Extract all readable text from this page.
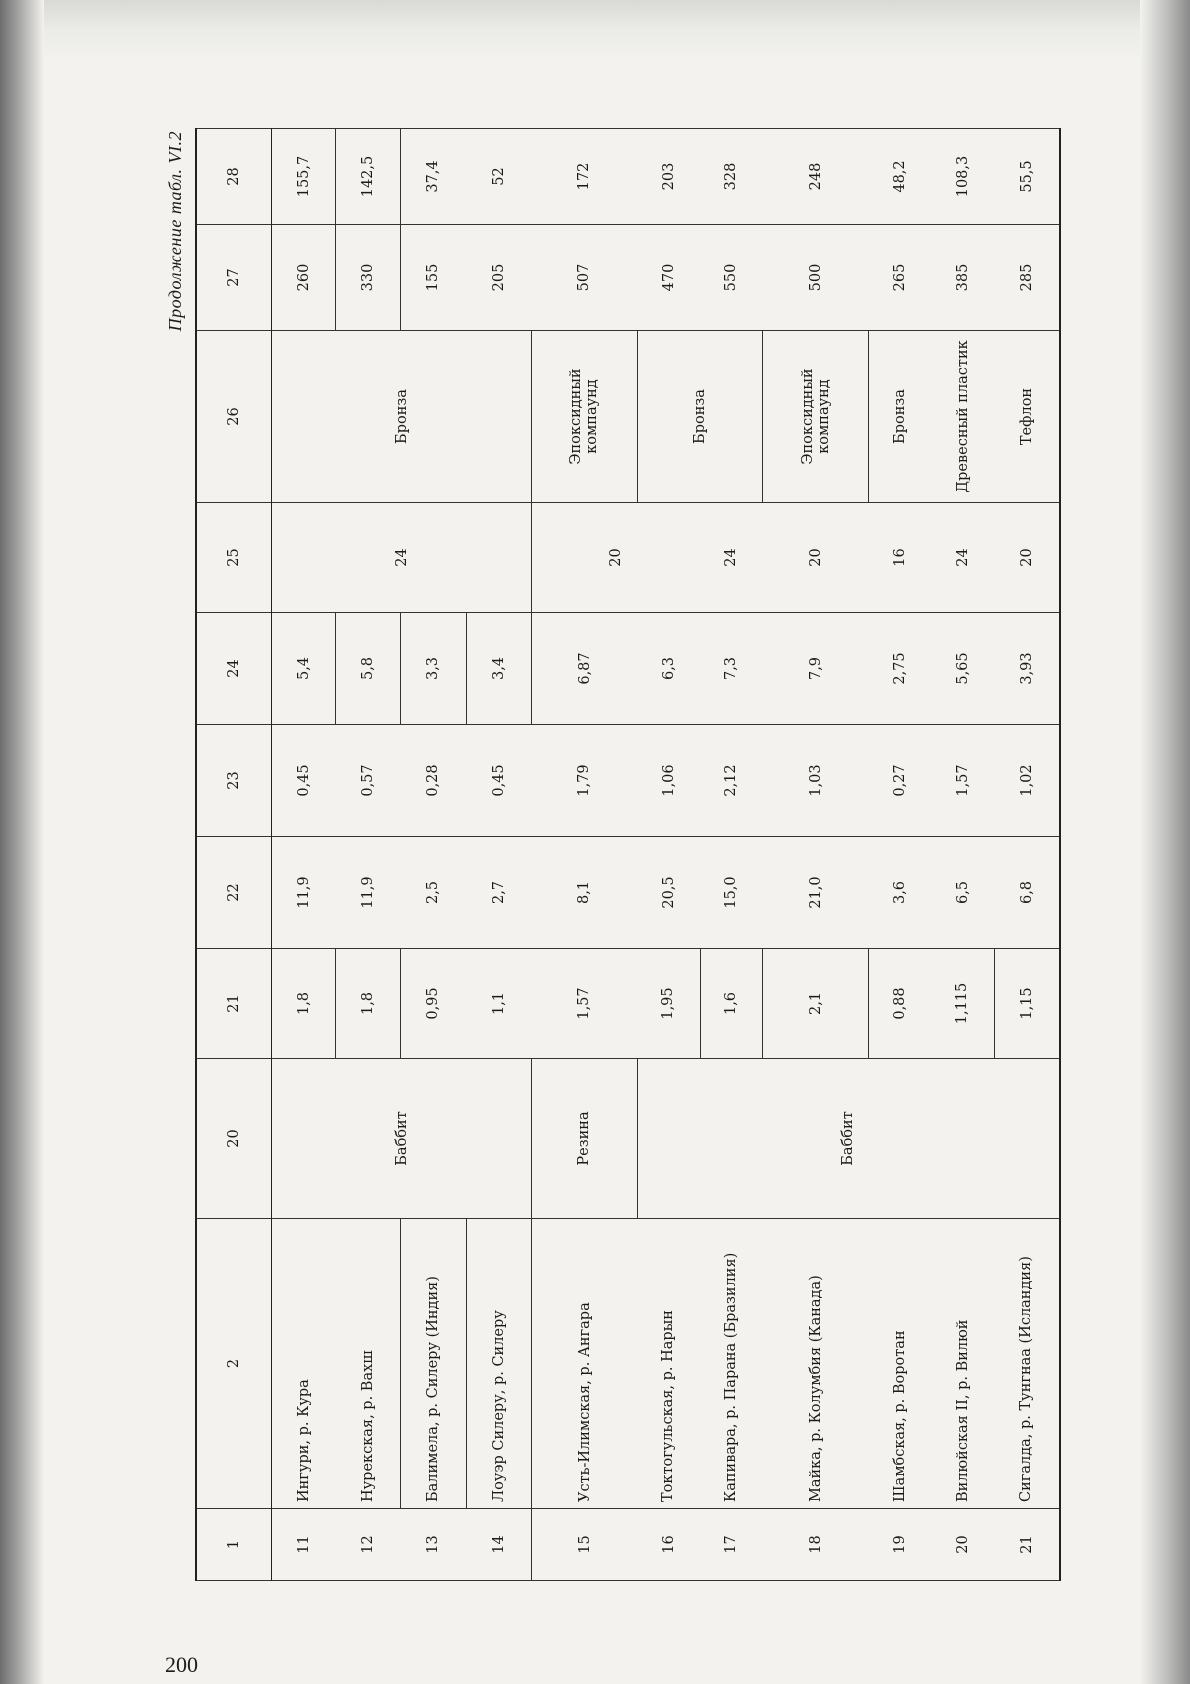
Продолжение табл. VI.2
1	2	20	21	22	23	24	25	26	27	28
11	Ингури, р. Кура	Баббит	1,8	11,9	0,45	5,4	24	Бронза	260	155,7
12	Нурекская, р. Вахш		1,8	11,9	0,57	5,8			330	142,5
13	Балимела, р. Силеру (Индия)		0,95	2,5	0,28	3,3			155	37,4
14	Лоуэр Силеру, р. Силеру		1,1	2,7	0,45	3,4			205	52
15	Усть-Илимская, р. Ангара	Резина	1,57	8,1	1,79	6,87	20	Эпоксидный компаунд	507	172
16	Токтогульская, р. Нарын	Баббит	1,95	20,5	1,06	6,3		Бронза	470	203
17	Капивара, р. Парана (Бразилия)		1,6	15,0	2,12	7,3	24		550	328
18	Майка, р. Колумбия (Канада)		2,1	21,0	1,03	7,9	20	Эпоксидный компаунд	500	248
19	Шамбская, р. Воротан		0,88	3,6	0,27	2,75	16	Бронза	265	48,2
20	Вилюйская II, р. Вилюй		1,115	6,5	1,57	5,65	24	Древесный пластик	385	108,3
21	Сигалда, р. Тунгнаа (Исландия)		1,15	6,8	1,02	3,93	20	Тефлон	285	55,5
200
